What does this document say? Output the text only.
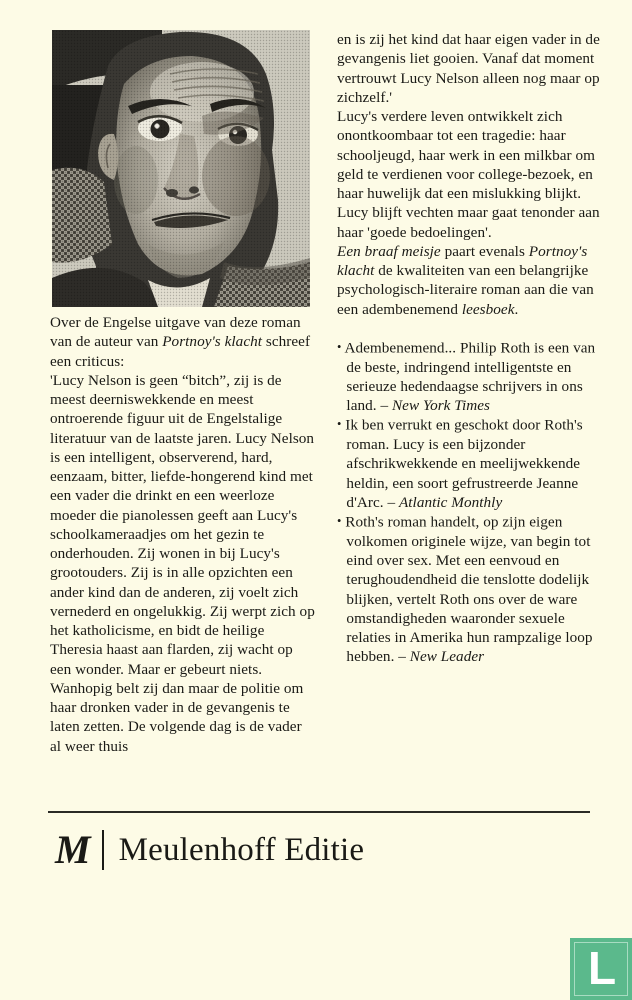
Over de Engelse uitgave van deze roman van de auteur van Portnoy's klacht schreef een criticus:

'Lucy Nelson is geen “bitch”, zij is de meest deerniswekkende en meest ontroerende figuur uit de Engelstalige literatuur van de laatste jaren. Lucy Nelson is een intelligent, observerend, hard, eenzaam, bitter, liefde-hongerend kind met een vader die drinkt en een weerloze moeder die pianolessen geeft aan Lucy's schoolkameraadjes om het gezin te onderhouden. Zij wonen in bij Lucy's grootouders. Zij is in alle opzichten een ander kind dan de anderen, zij voelt zich vernederd en ongelukkig. Zij werpt zich op het katholicisme, en bidt de heilige Theresia haast aan flarden, zij wacht op een wonder. Maar er gebeurt niets. Wanhopig belt zij dan maar de politie om haar dronken vader in de gevangenis te laten zetten. De volgende dag is de vader al weer thuis

en is zij het kind dat haar eigen vader in de gevangenis liet gooien. Vanaf dat moment vertrouwt Lucy Nelson alleen nog maar op zichzelf.'

Lucy's verdere leven ontwikkelt zich onontkoombaar tot een tragedie: haar schooljeugd, haar werk in een milkbar om geld te verdienen voor college-bezoek, en haar huwelijk dat een mislukking blijkt. Lucy blijft vechten maar gaat tenonder aan haar 'goede bedoelingen'.

Een braaf meisje paart evenals Portnoy's klacht de kwaliteiten van een belangrijke psychologisch-literaire roman aan die van een adembenemend leesboek.

• Adembenemend... Philip Roth is een van de beste, indringend intelligentste en serieuze hedendaagse schrijvers in ons land. – New York Times

• Ik ben verrukt en geschokt door Roth's roman. Lucy is een bijzonder afschrikwekkende en meelijwekkende heldin, een soort gefrustreerde Jeanne d'Arc. – Atlantic Monthly

• Roth's roman handelt, op zijn eigen volkomen originele wijze, van begin tot eind over sex. Met een eenvoud en terughoudendheid die tenslotte dodelijk blijken, vertelt Roth ons over de ware omstandigheden waaronder sexuele relaties in Amerika hun rampzalige loop hebben. – New Leader

M Meulenhoff Editie
L
